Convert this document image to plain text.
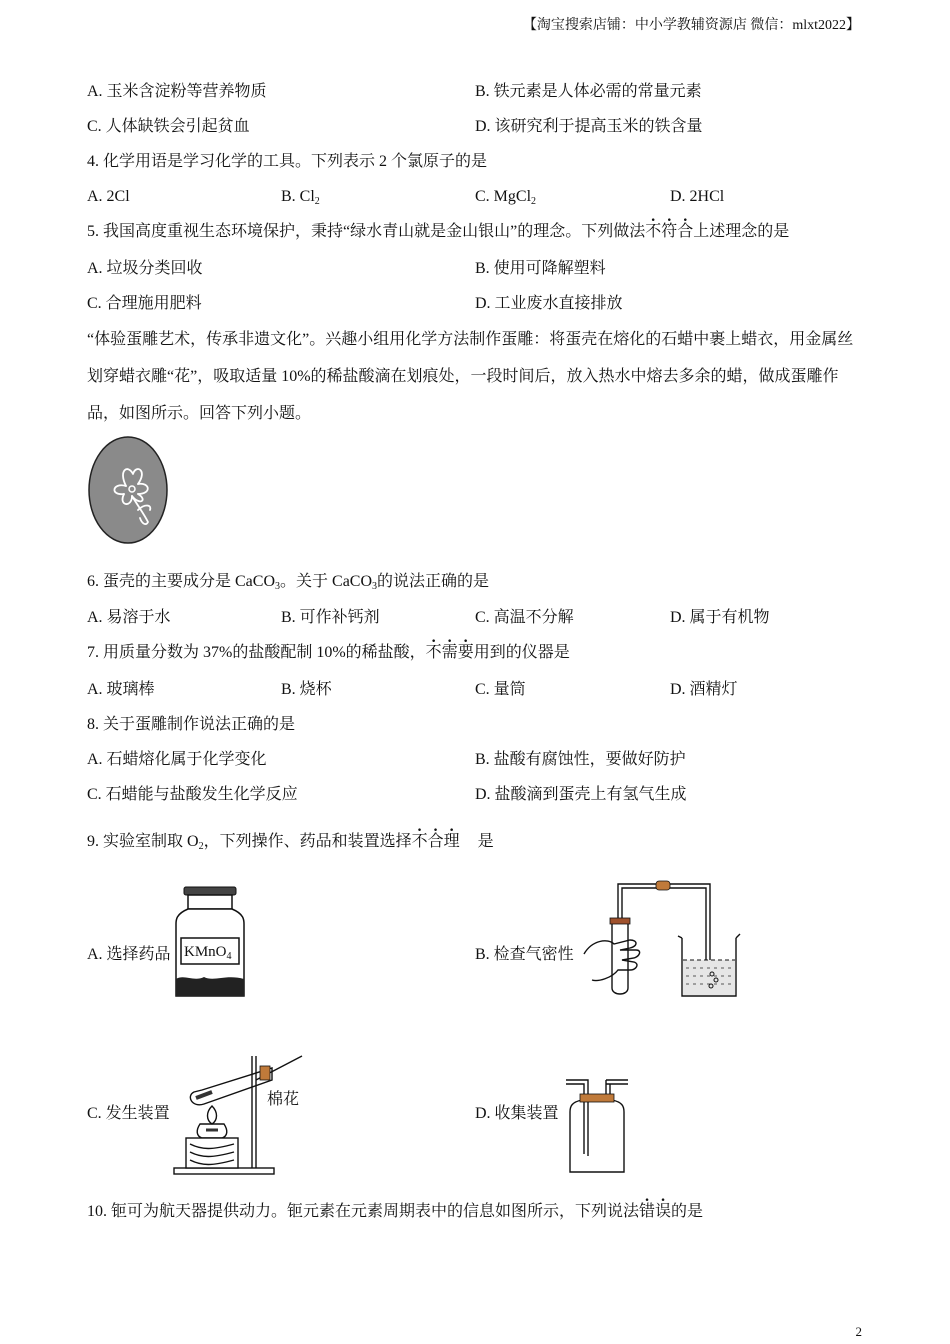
【淘宝搜索店铺：中小学教辅资源店 微信：mlxt2022】
A. 玉米含淀粉等营养物质	B. 铁元素是人体必需的常量元素
C. 人体缺铁会引起贫血	D. 该研究利于提高玉米的铁含量
4. 化学用语是学习化学的工具。下列表示 2 个氯原子的是
A. 2Cl	B. $Cl_2$	C. MgCl$_2$	D. 2HCl
5. 我国高度重视生态环境保护，秉持“绿水青山就是金山银山”的理念。下列做法不符合上述理念的是
A. 垃圾分类回收	B. 使用可降解塑料
C. 合理施用肥料	D. 工业废水直接排放
“体验蛋雕艺术，传承非遗文化”。兴趣小组用化学方法制作蛋雕：将蛋壳在熔化的石蜡中裹上蜡衣，用金属丝划穿蜡衣雕“花”，吸取适量 10%的稀盐酸滴在划痕处，一段时间后，放入热水中熔去多余的蜡，做成蛋雕作品，如图所示。回答下列小题。
6. 蛋壳的主要成分是 CaCO$_3$。关于 CaCO$_3$的说法正确的是
A. 易溶于水	B. 可作补钙剂	C. 高温不分解	D. 属于有机物
7. 用质量分数为 37%的盐酸配制 10%的稀盐酸，不需要用到的仪器是
A. 玻璃棒	B. 烧杯	C. 量筒	D. 酒精灯
8. 关于蛋雕制作说法正确的是
A. 石蜡熔化属于化学变化	B. 盐酸有腐蚀性，要做好防护
C. 石蜡能与盐酸发生化学反应	D. 盐酸滴到蛋壳上有氢气生成
9. 实验室制取 $O_2$，下列操作、药品和装置选择不合理 是
A. 选择药品 KMnO$_4$	B. 检查气密性
C. 发生装置
棉花
D. 收集装置
10. 钷可为航天器提供动力。钷元素在元素周期表中的信息如图所示，下列说法错误的是
2
